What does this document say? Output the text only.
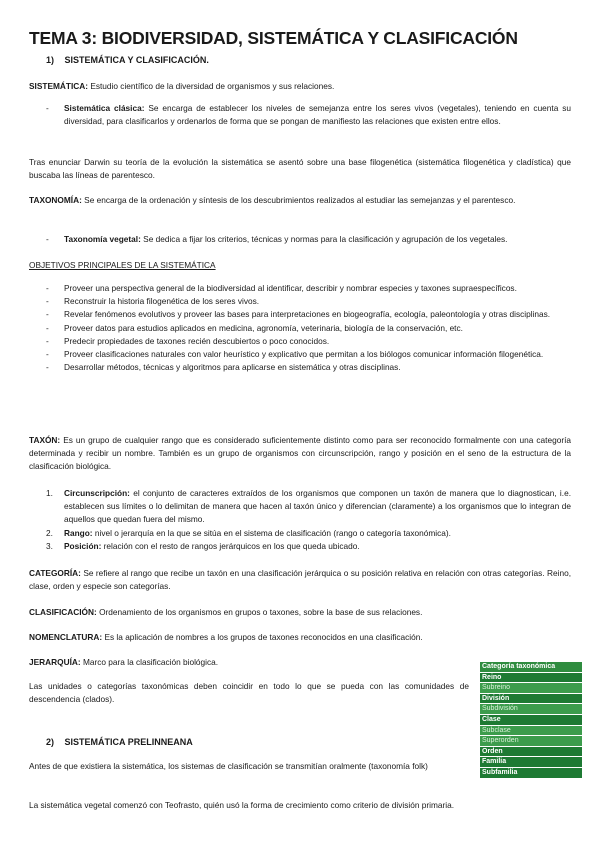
TEMA 3: BIODIVERSIDAD, SISTEMÁTICA Y CLASIFICACIÓN
1) SISTEMÁTICA Y CLASIFICACIÓN.
SISTEMÁTICA: Estudio científico de la diversidad de organismos y sus relaciones.
- Sistemática clásica: Se encarga de establecer los niveles de semejanza entre los seres vivos (vegetales), teniendo en cuenta su diversidad, para clasificarlos y ordenarlos de forma que se pongan de manifiesto las relaciones que existen entre ellos.
Tras enunciar Darwin su teoría de la evolución la sistemática se asentó sobre una base filogenética (sistemática filogenética y cladística) que buscaba las líneas de parentesco.
TAXONOMÍA: Se encarga de la ordenación y síntesis de los descubrimientos realizados al estudiar las semejanzas y el parentesco.
- Taxonomía vegetal: Se dedica a fijar los criterios, técnicas y normas para la clasificación y agrupación de los vegetales.
OBJETIVOS PRINCIPALES DE LA SISTEMÁTICA
- Proveer una perspectiva general de la biodiversidad al identificar, describir y nombrar especies y taxones supraespecíficos.
- Reconstruir la historia filogenética de los seres vivos.
- Revelar fenómenos evolutivos y proveer las bases para interpretaciones en biogeografía, ecología, paleontología y otras disciplinas.
- Proveer datos para estudios aplicados en medicina, agronomía, veterinaria, biología de la conservación, etc.
- Predecir propiedades de taxones recién descubiertos o poco conocidos.
- Proveer clasificaciones naturales con valor heurístico y explicativo que permitan a los biólogos comunicar información filogenética.
- Desarrollar métodos, técnicas y algoritmos para aplicarse en sistemática y otras disciplinas.
TAXÓN: Es un grupo de cualquier rango que es considerado suficientemente distinto como para ser reconocido formalmente con una categoría determinada y recibir un nombre. También es un grupo de organismos con circunscripción, rango y posición en el seno de la estructura de la clasificación biológica.
1. Circunscripción: el conjunto de caracteres extraídos de los organismos que componen un taxón de manera que lo diagnostican, i.e. establecen sus límites o lo delimitan de manera que hacen al taxón único y diferencian (claramente) a los organismos que lo integran de aquellos que quedan fuera del mismo.
2. Rango: nivel o jerarquía en la que se sitúa en el sistema de clasificación (rango o categoría taxonómica).
3. Posición: relación con el resto de rangos jerárquicos en los que queda ubicado.
CATEGORÍA: Se refiere al rango que recibe un taxón en una clasificación jerárquica o su posición relativa en relación con otras categorías. Reino, clase, orden y especie son categorías.
CLASIFICACIÓN: Ordenamiento de los organismos en grupos o taxones, sobre la base de sus relaciones.
NOMENCLATURA: Es la aplicación de nombres a los grupos de taxones reconocidos en una clasificación.
JERARQUÍA: Marco para la clasificación biológica.
Las unidades o categorías taxonómicas deben coincidir en todo lo que se pueda con las comunidades de descendencia (clados).
Categoría taxonómica
Reino
Subreino
División
Subdivisión
Clase
Subclase
Superorden
Orden
Familia
Subfamilia
2) SISTEMÁTICA PRELINNEANA
Antes de que existiera la sistemática, los sistemas de clasificación se transmitían oralmente (taxonomía folk)
La sistemática vegetal comenzó con Teofrasto, quién usó la forma de crecimiento como criterio de división primaria.
